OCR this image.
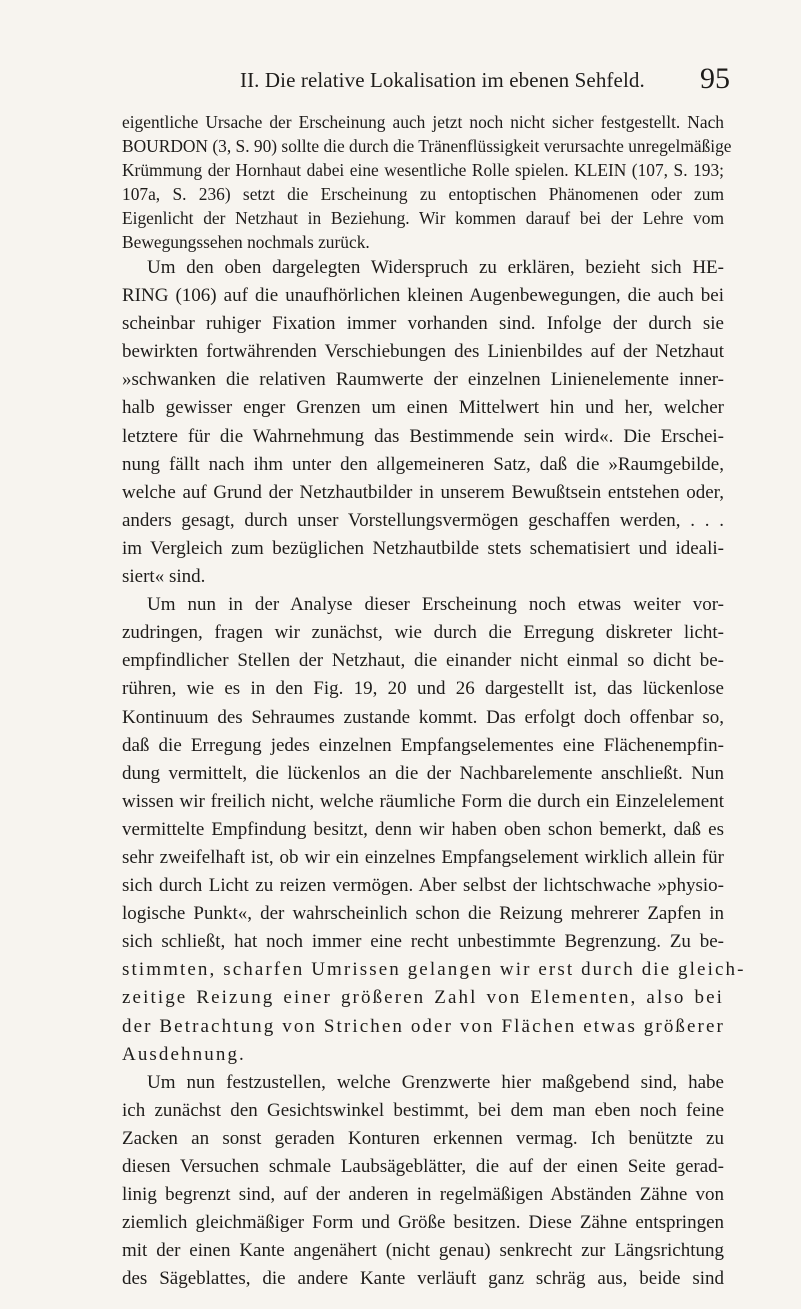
II. Die relative Lokalisation im ebenen Sehfeld. 95
eigentliche Ursache der Erscheinung auch jetzt noch nicht sicher festgestellt. Nach
BOURDON (3, S. 90) sollte die durch die Tränenflüssigkeit verursachte unregelmäßige
Krümmung der Hornhaut dabei eine wesentliche Rolle spielen. KLEIN (107, S. 193;
107a, S. 236) setzt die Erscheinung zu entoptischen Phänomenen oder zum
Eigenlicht der Netzhaut in Beziehung. Wir kommen darauf bei der Lehre vom
Bewegungssehen nochmals zurück.
Um den oben dargelegten Widerspruch zu erklären, bezieht sich HE-
RING (106) auf die unaufhörlichen kleinen Augenbewegungen, die auch bei
scheinbar ruhiger Fixation immer vorhanden sind. Infolge der durch sie
bewirkten fortwährenden Verschiebungen des Linienbildes auf der Netzhaut
»schwanken die relativen Raumwerte der einzelnen Linienelemente inner-
halb gewisser enger Grenzen um einen Mittelwert hin und her, welcher
letztere für die Wahrnehmung das Bestimmende sein wird«. Die Erschei-
nung fällt nach ihm unter den allgemeineren Satz, daß die »Raumgebilde,
welche auf Grund der Netzhautbilder in unserem Bewußtsein entstehen oder,
anders gesagt, durch unser Vorstellungsvermögen geschaffen werden, . . .
im Vergleich zum bezüglichen Netzhautbilde stets schematisiert und ideali-
siert« sind.
Um nun in der Analyse dieser Erscheinung noch etwas weiter vor-
zudringen, fragen wir zunächst, wie durch die Erregung diskreter licht-
empfindlicher Stellen der Netzhaut, die einander nicht einmal so dicht be-
rühren, wie es in den Fig. 19, 20 und 26 dargestellt ist, das lückenlose
Kontinuum des Sehraumes zustande kommt. Das erfolgt doch offenbar so,
daß die Erregung jedes einzelnen Empfangselementes eine Flächenempfin-
dung vermittelt, die lückenlos an die der Nachbarelemente anschließt. Nun
wissen wir freilich nicht, welche räumliche Form die durch ein Einzelelement
vermittelte Empfindung besitzt, denn wir haben oben schon bemerkt, daß es
sehr zweifelhaft ist, ob wir ein einzelnes Empfangselement wirklich allein für
sich durch Licht zu reizen vermögen. Aber selbst der lichtschwache »physio-
logische Punkt«, der wahrscheinlich schon die Reizung mehrerer Zapfen in
sich schließt, hat noch immer eine recht unbestimmte Begrenzung. Zu be-
stimmten, scharfen Umrissen gelangen wir erst durch die gleich-
zeitige Reizung einer größeren Zahl von Elementen, also bei
der Betrachtung von Strichen oder von Flächen etwas größerer
Ausdehnung.
Um nun festzustellen, welche Grenzwerte hier maßgebend sind, habe
ich zunächst den Gesichtswinkel bestimmt, bei dem man eben noch feine
Zacken an sonst geraden Konturen erkennen vermag. Ich benützte zu
diesen Versuchen schmale Laubsägeblätter, die auf der einen Seite gerad-
linig begrenzt sind, auf der anderen in regelmäßigen Abständen Zähne von
ziemlich gleichmäßiger Form und Größe besitzen. Diese Zähne entspringen
mit der einen Kante angenähert (nicht genau) senkrecht zur Längsrichtung
des Sägeblattes, die andere Kante verläuft ganz schräg aus, beide sind
